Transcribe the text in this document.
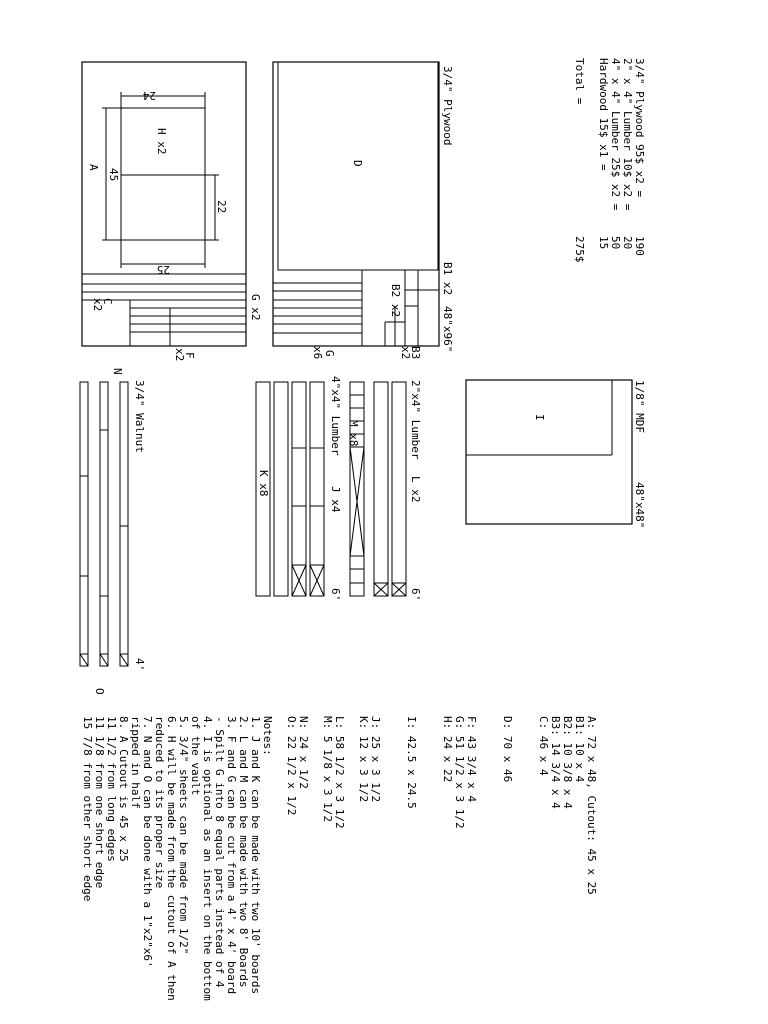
3/4" Plywood 95$ x2 =
2" x 4" Lumber 10$ x2 =
4" x 4" Lumber 25$ x2 =
Hardwood 15$ x1 =
190
20
50
15
Total =
275$
3/4" Plywood
48"x96"
D
B1 x2
B2 x2
B3
x2
G
x6
H x2
A
24
45
22
25
G x2
C
x2
F
x2
1/8" MDF
48"x48"
I
2"x4" Lumber
L x2
M x8
6'
4"x4" Lumber
J x4
K x8
6'
3/4" Walnut
N
O
4'
A: 72 x 48, Cutout: 45 x 25
B1: 10 x 4
B2: 10 3/8 x 4
B3: 14 3/4 x 4
C: 46 x 4
D: 70 x 46
F: 43 3/4 x 4
G: 51 1/2 x 3 1/2
H: 24 x 22
I: 42.5 x 24.5
J: 25 x 3 1/2
K: 12 x 3 1/2
L: 58 1/2 x 3 1/2
M: 5 1/8 x 3 1/2
N: 24 x 1/2
O: 22 1/2 x 1/2
Notes:
1. J and K can be made with two 10' boards
2. L and M can be made with two 8' Boards
3. F and G can be cut from a 4' x 4' board
- Spilt G into 8 equal parts instead of 4
4. I is optional as an insert on the bottom
of the vault
5. 3/4" sheets can be made from 1/2"
6. H will be made from the cutout of A then
reduced to its proper size
7. N and O can be done with a 1"x2"x6'
ripped in half
8. A Cutout is 45 x 25
11 1/2 from long edges
11 1/8 from one short edge
15 7/8 from other short edge
